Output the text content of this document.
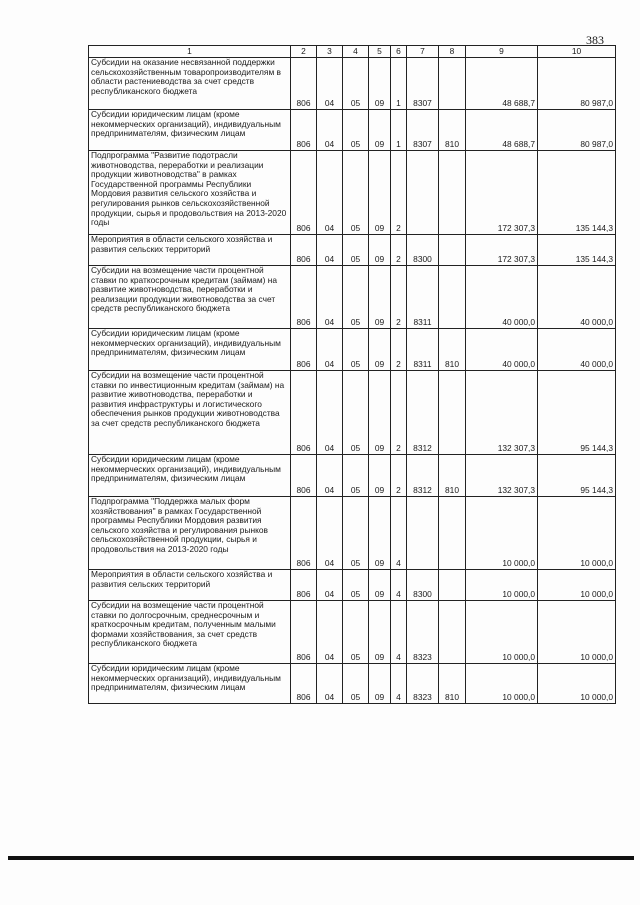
383
1	2	3	4	5	6	7	8	9	10
Субсидии на оказание несвязанной поддержки сельскохозяйственным товаропроизводителям в области растениеводства за счет средств республиканского бюджета	806	04	05	09	1	8307		48 688,7	80 987,0
Субсидии юридическим лицам (кроме некоммерческих организаций), индивидуальным предпринимателям, физическим лицам	806	04	05	09	1	8307	810	48 688,7	80 987,0
Подпрограмма "Развитие подотрасли животноводства, переработки и реализации продукции животноводства" в рамках Государственной программы Республики Мордовия развития сельского хозяйства и регулирования рынков сельскохозяйственной продукции, сырья и продовольствия на 2013-2020 годы	806	04	05	09	2			172 307,3	135 144,3
Мероприятия в области сельского хозяйства и развития сельских территорий	806	04	05	09	2	8300		172 307,3	135 144,3
Субсидии на возмещение части процентной ставки по краткосрочным кредитам (займам) на развитие животноводства, переработки и реализации продукции животноводства за счет средств республиканского бюджета	806	04	05	09	2	8311		40 000,0	40 000,0
Субсидии юридическим лицам (кроме некоммерческих организаций), индивидуальным предпринимателям, физическим лицам	806	04	05	09	2	8311	810	40 000,0	40 000,0
Субсидии на возмещение части процентной ставки по инвестиционным кредитам (займам) на развитие животноводства, переработки и развития инфраструктуры и логистического обеспечения рынков продукции животноводства за счет средств республиканского бюджета	806	04	05	09	2	8312		132 307,3	95 144,3
Субсидии юридическим лицам (кроме некоммерческих организаций), индивидуальным предпринимателям, физическим лицам	806	04	05	09	2	8312	810	132 307,3	95 144,3
Подпрограмма "Поддержка малых форм хозяйствования" в рамках Государственной программы Республики Мордовия развития сельского хозяйства и регулирования рынков сельскохозяйственной продукции, сырья и продовольствия на 2013-2020 годы	806	04	05	09	4			10 000,0	10 000,0
Мероприятия в области сельского хозяйства и развития сельских территорий	806	04	05	09	4	8300		10 000,0	10 000,0
Субсидии на возмещение части процентной ставки по долгосрочным, среднесрочным и краткосрочным кредитам, полученным малыми формами хозяйствования, за счет средств республиканского бюджета	806	04	05	09	4	8323		10 000,0	10 000,0
Субсидии юридическим лицам (кроме некоммерческих организаций), индивидуальным предпринимателям, физическим лицам	806	04	05	09	4	8323	810	10 000,0	10 000,0
